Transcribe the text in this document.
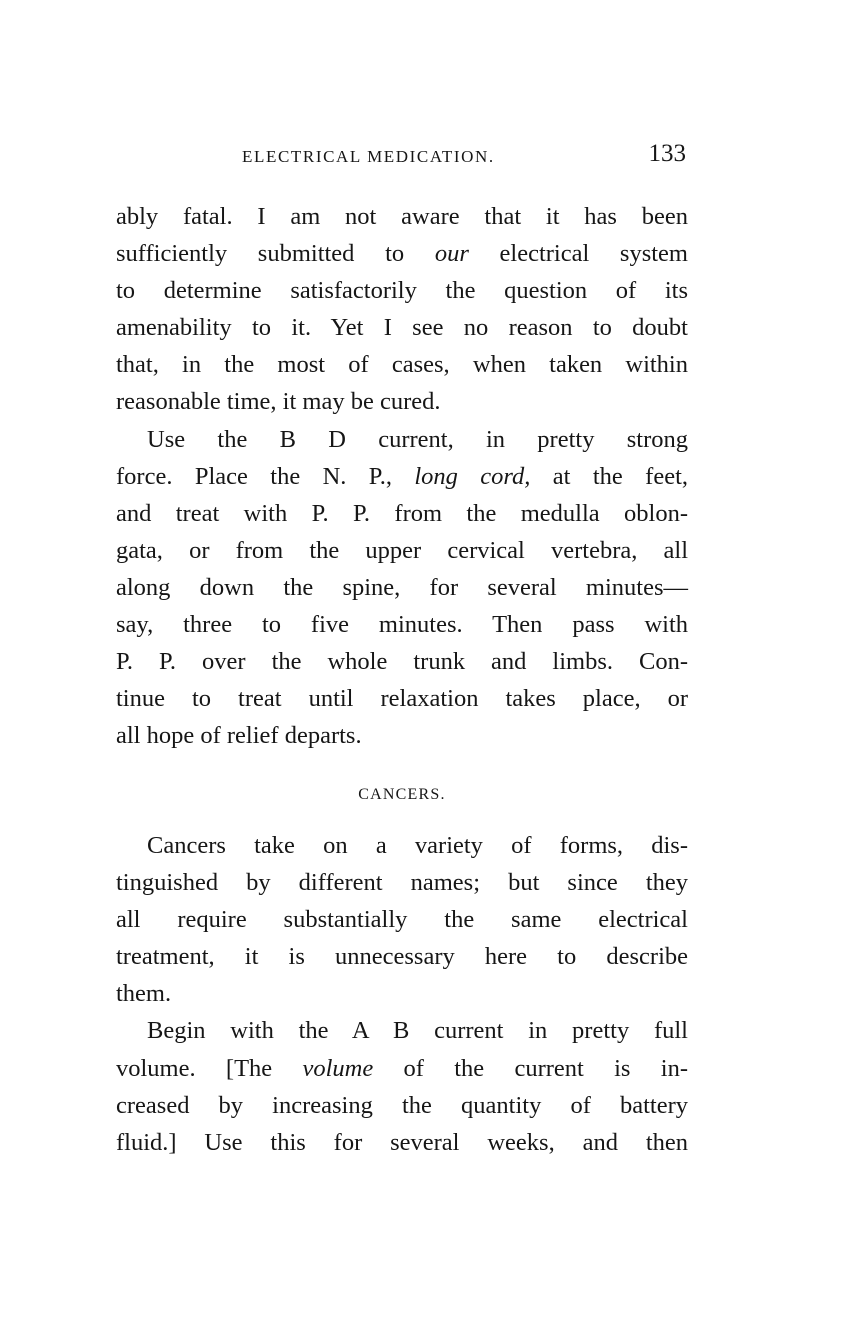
ELECTRICAL MEDICATION.	133
ably fatal. I am not aware that it has been
sufficiently submitted to our electrical system
to determine satisfactorily the question of its
amenability to it. Yet I see no reason to doubt
that, in the most of cases, when taken within
reasonable time, it may be cured.
Use the B D current, in pretty strong
force. Place the N. P., long cord, at the feet,
and treat with P. P. from the medulla oblon-
gata, or from the upper cervical vertebra, all
along down the spine, for several minutes—
say, three to five minutes. Then pass with
P. P. over the whole trunk and limbs. Con-
tinue to treat until relaxation takes place, or
all hope of relief departs.
CANCERS.
Cancers take on a variety of forms, dis-
tinguished by different names; but since they
all require substantially the same electrical
treatment, it is unnecessary here to describe
them.
Begin with the A B current in pretty full
volume. [The volume of the current is in-
creased by increasing the quantity of battery
fluid.] Use this for several weeks, and then
